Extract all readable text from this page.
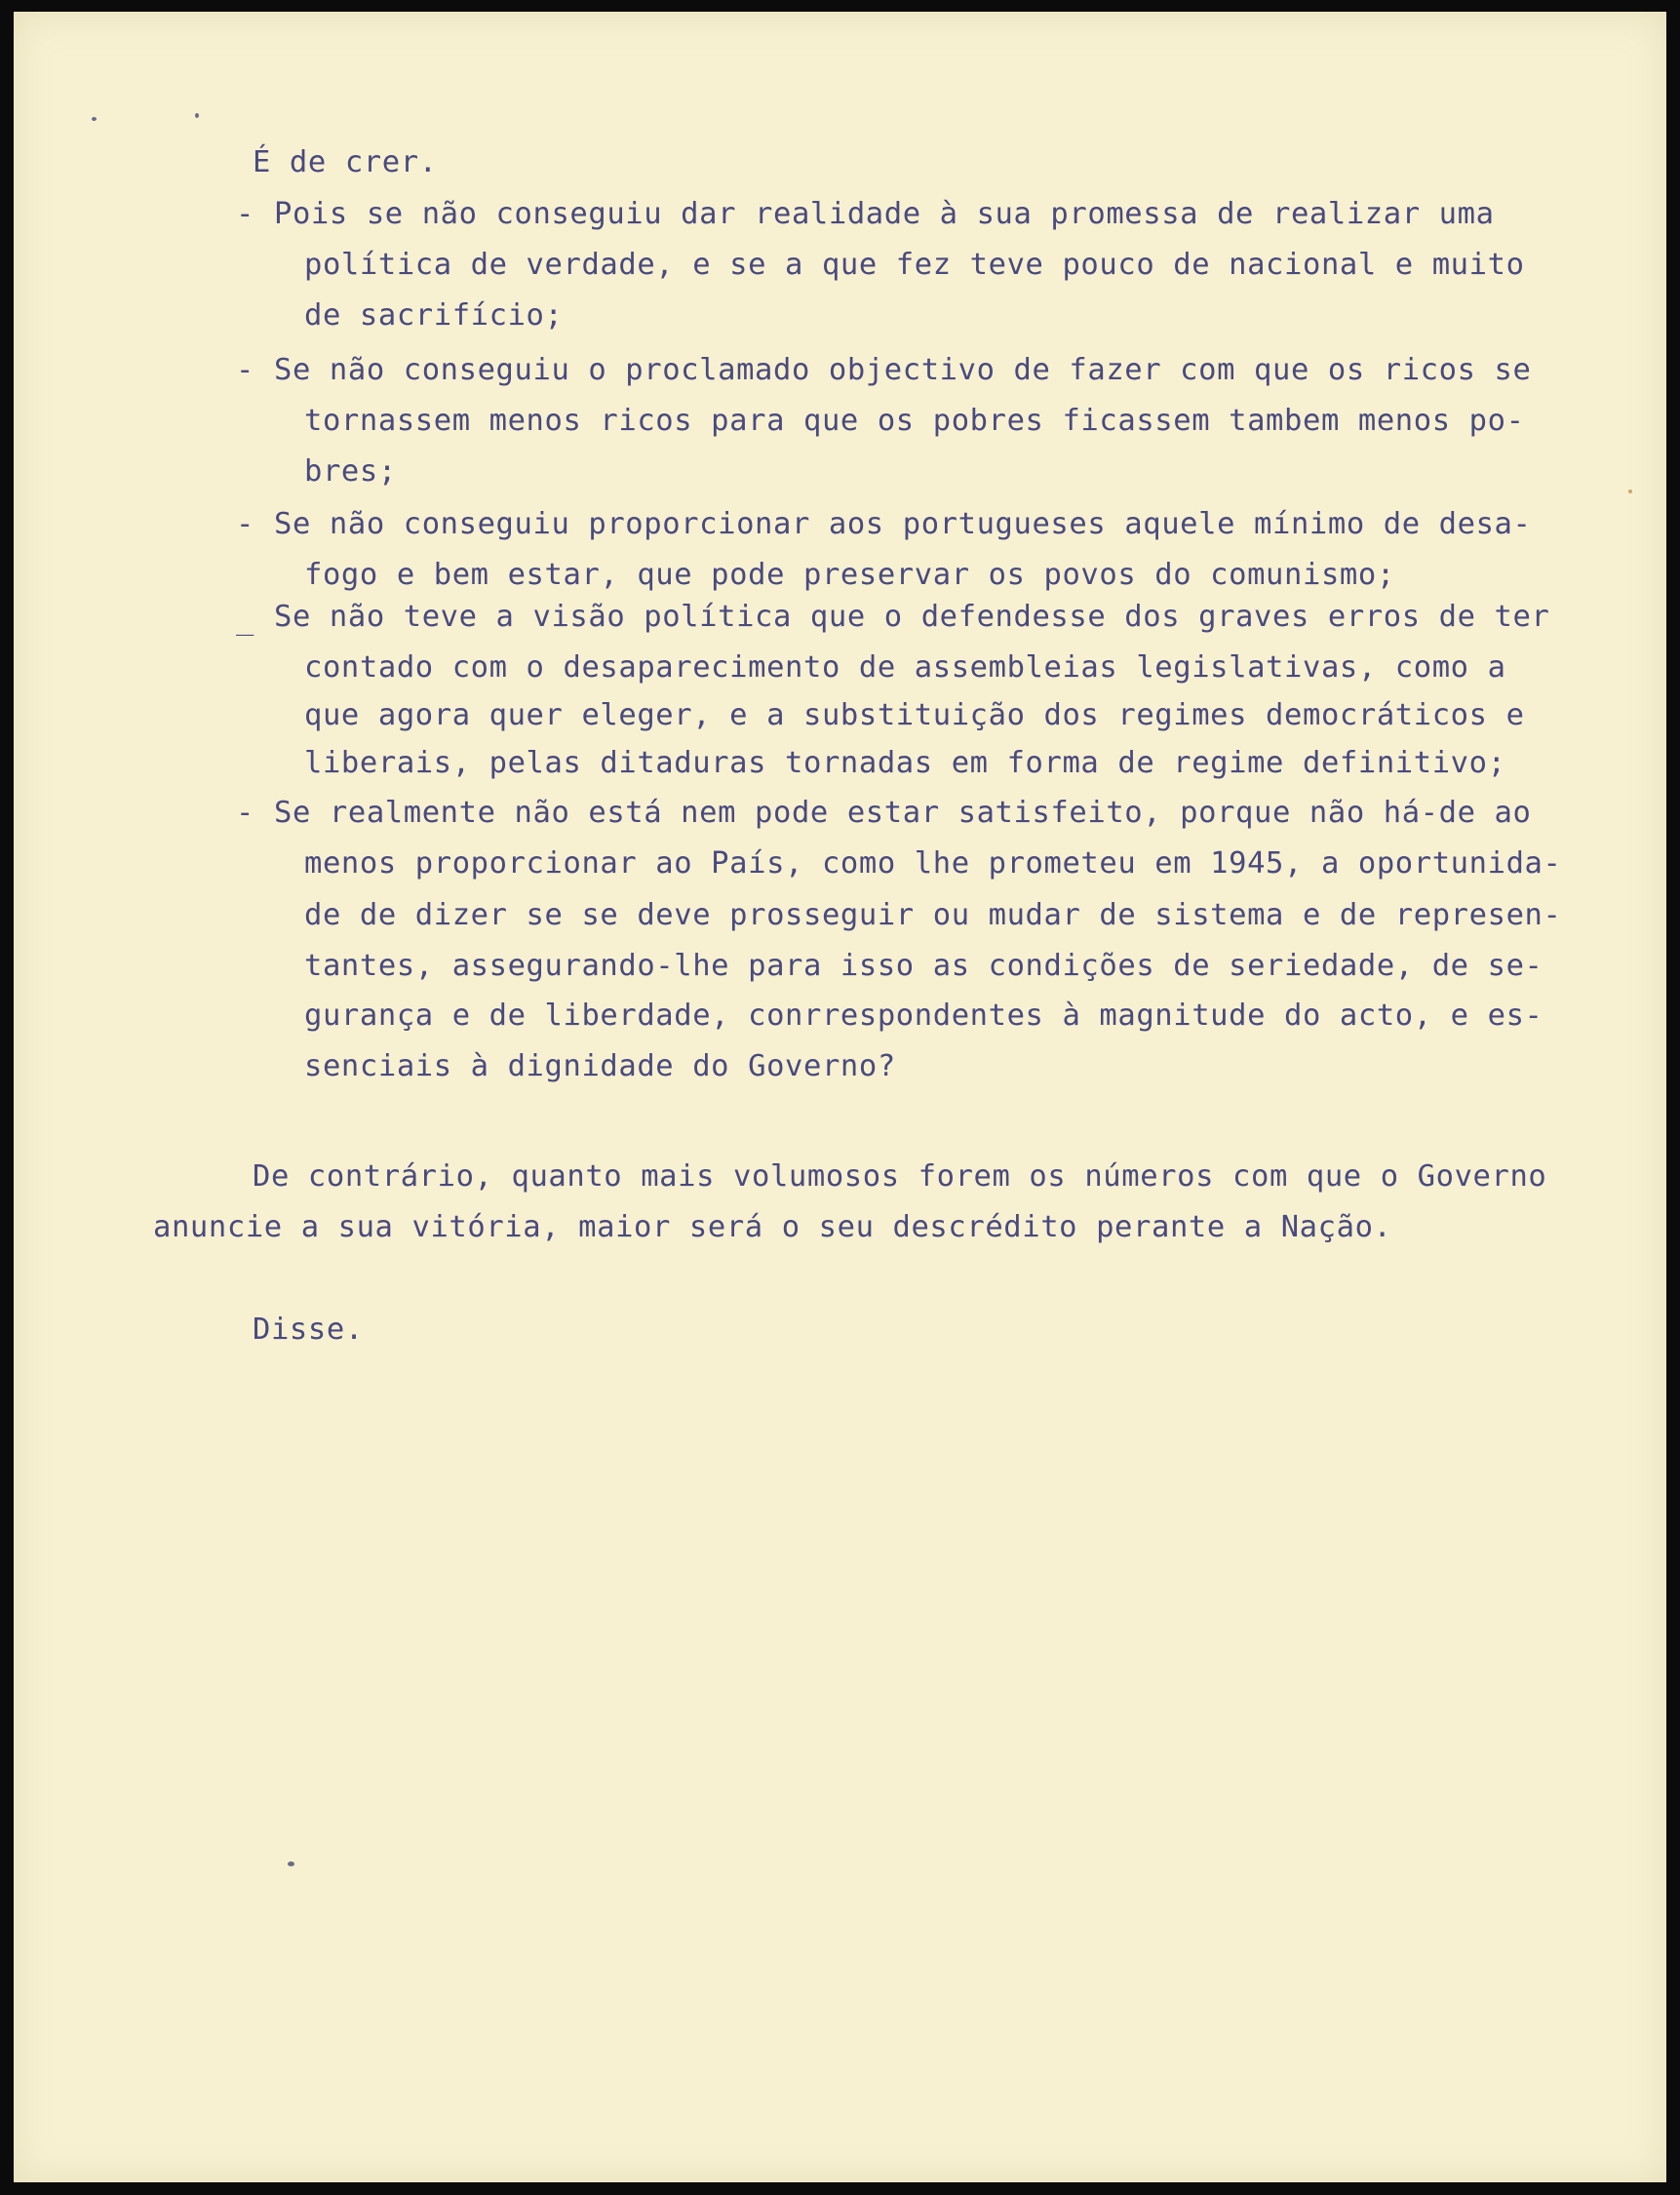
É de crer.

- Pois se não conseguiu dar realidade à sua promessa de realizar uma

política de verdade, e se a que fez teve pouco de nacional e muito

de sacrifício;

- Se não conseguiu o proclamado objectivo de fazer com que os ricos se

tornassem menos ricos para que os pobres ficassem tambem menos po-

bres;

- Se não conseguiu proporcionar aos portugueses aquele mínimo de desa-

fogo e bem estar, que pode preservar os povos do comunismo;

_ Se não teve a visão política que o defendesse dos graves erros de ter

contado com o desaparecimento de assembleias legislativas, como a

que agora quer eleger, e a substituição dos regimes democráticos e

liberais, pelas ditaduras tornadas em forma de regime definitivo;

- Se realmente não está nem pode estar satisfeito, porque não há-de ao

menos proporcionar ao País, como lhe prometeu em 1945, a oportunida-

de de dizer se se deve prosseguir ou mudar de sistema e de represen-

tantes, assegurando-lhe para isso as condições de seriedade, de se-

gurança e de liberdade, conrrespondentes à magnitude do acto, e es-

senciais à dignidade do Governo?

De contrário, quanto mais volumosos forem os números com que o Governo

anuncie a sua vitória, maior será o seu descrédito perante a Nação.

Disse.
